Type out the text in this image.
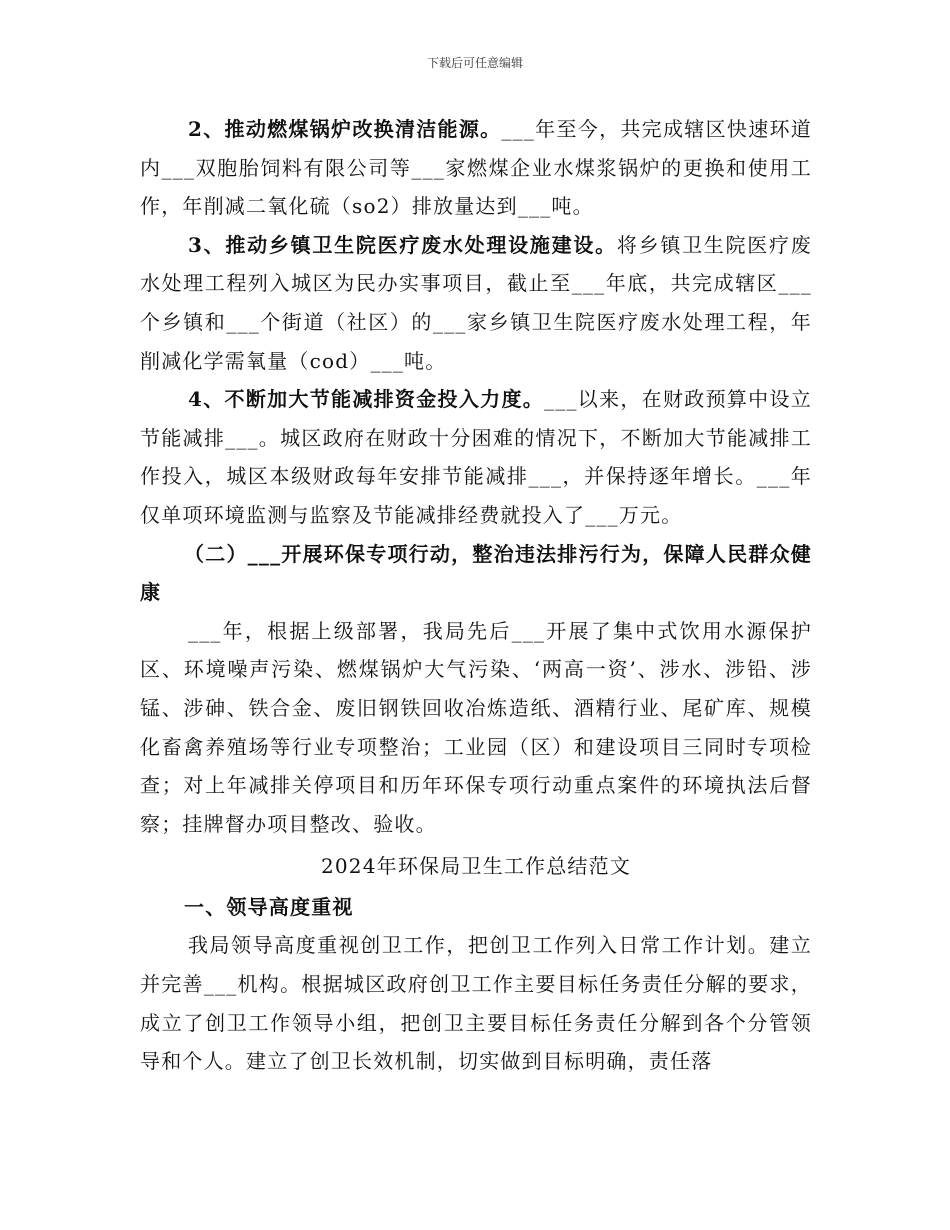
下载后可任意编辑

2、推动燃煤锅炉改换清洁能源。___年至今，共完成辖区快速环道内___双胞胎饲料有限公司等___家燃煤企业水煤浆锅炉的更换和使用工作，年削减二氧化硫（so2）排放量达到___吨。

3、推动乡镇卫生院医疗废水处理设施建设。将乡镇卫生院医疗废水处理工程列入城区为民办实事项目，截止至___年底，共完成辖区___个乡镇和___个街道（社区）的___家乡镇卫生院医疗废水处理工程，年削减化学需氧量（cod）___吨。

4、不断加大节能减排资金投入力度。___以来，在财政预算中设立节能减排___。城区政府在财政十分困难的情况下，不断加大节能减排工作投入，城区本级财政每年安排节能减排___，并保持逐年增长。___年仅单项环境监测与监察及节能减排经费就投入了___万元。

（二）___开展环保专项行动，整治违法排污行为，保障人民群众健康

___年，根据上级部署，我局先后___开展了集中式饮用水源保护区、环境噪声污染、燃煤锅炉大气污染、‘两高一资’、涉水、涉铅、涉锰、涉砷、铁合金、废旧钢铁回收冶炼造纸、酒精行业、尾矿库、规模化畜禽养殖场等行业专项整治；工业园（区）和建设项目三同时专项检查；对上年减排关停项目和历年环保专项行动重点案件的环境执法后督察；挂牌督办项目整改、验收。

2024年环保局卫生工作总结范文

一、领导高度重视

我局领导高度重视创卫工作，把创卫工作列入日常工作计划。建立并完善___机构。根据城区政府创卫工作主要目标任务责任分解的要求，成立了创卫工作领导小组，把创卫主要目标任务责任分解到各个分管领导和个人。建立了创卫长效机制，切实做到目标明确，责任落
